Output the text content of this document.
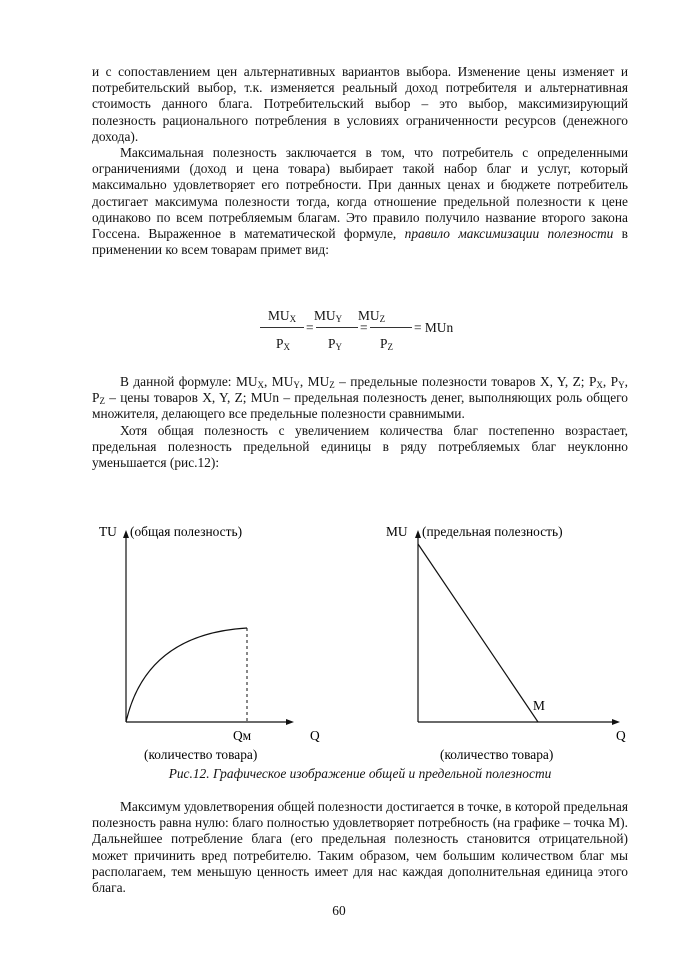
и с сопоставлением цен альтернативных вариантов выбора. Изменение цены изменяет и потребительский выбор, т.к. изменяется реальный доход потребителя и альтернативная стоимость данного блага. Потребительский выбор – это выбор, максимизирующий полезность рационального потребления в условиях ограниченности ресурсов (денежного дохода).

Максимальная полезность заключается в том, что потребитель с определенными ограничениями (доход и цена товара) выбирает такой набор благ и услуг, который максимально удовлетворяет его потребности. При данных ценах и бюджете потребитель достигает максимума полезности тогда, когда отношение предельной полезности к цене одинаково по всем потребляемым благам. Это правило получило название второго закона Госсена. Выраженное в математической формуле, правило максимизации полезности в применении ко всем товарам примет вид:

$MU_X$ $MU_Y$ $MU_Z$
=	=	= MUn
$P_X$	$P_Y$	$P_Z$

В данной формуле: $MU_X$, $MU_Y$, $MU_Z$ – предельные полезности товаров X, Y, Z; $P_X$, $P_Y$, $P_Z$ – цены товаров X, Y, Z; MUn – предельная полезность денег, выполняющих роль общего множителя, делающего все предельные полезности сравнимыми.

Хотя общая полезность с увеличением количества благ постепенно возрастает, предельная полезность предельной единицы в ряду потребляемых благ неуклонно уменьшается (рис.12):

TU (общая полезность)
Qм	Q
(количество товара)
MU (предельная полезность)
M
Q
(количество товара)
Рис.12. Графическое изображение общей и предельной полезности

Максимум удовлетворения общей полезности достигается в точке, в которой предельная полезность равна нулю: благо полностью удовлетворяет потребность (на графике – точка М). Дальнейшее потребление блага (его предельная полезность становится отрицательной) может причинить вред потребителю. Таким образом, чем большим количеством благ мы располагаем, тем меньшую ценность имеет для нас каждая дополнительная единица этого блага.

60
